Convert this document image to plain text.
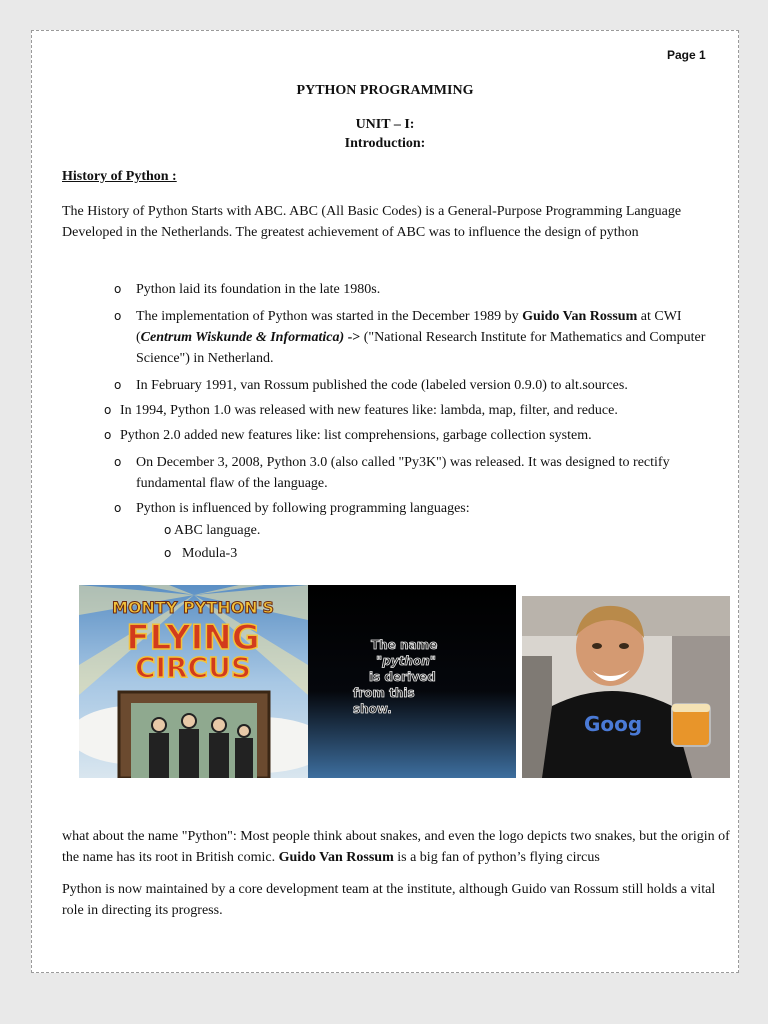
Page 1
PYTHON PROGRAMMING
UNIT – I:
Introduction:
History of Python :
The History of Python Starts with ABC. ABC (All Basic Codes) is a General-Purpose Programming Language Developed in the Netherlands. The greatest achievement of ABC was to influence the design of python
o Python laid its foundation in the late 1980s.
o The implementation of Python was started in the December 1989 by Guido Van Rossum at CWI (Centrum Wiskunde & Informatica) -> ("National Research Institute for Mathematics and Computer Science") in Netherland.
o In February 1991, van Rossum published the code (labeled version 0.9.0) to alt.sources.
o In 1994, Python 1.0 was released with new features like: lambda, map, filter, and reduce.
o Python 2.0 added new features like: list comprehensions, garbage collection system.
o On December 3, 2008, Python 3.0 (also called "Py3K") was released. It was designed to rectify fundamental flaw of the language.
o Python is influenced by following programming languages:
o ABC language.
o Modula-3
MONTY PYTHON'S
FLYING
CIRCUS
The name
"python"
is derived
from this
show.
Goog
what about the name "Python": Most people think about snakes, and even the logo depicts two snakes, but the origin of the name has its root in British comic. Guido Van Rossum is a big fan of python’s flying circus
Python is now maintained by a core development team at the institute, although Guido van Rossum still holds a vital role in directing its progress.
